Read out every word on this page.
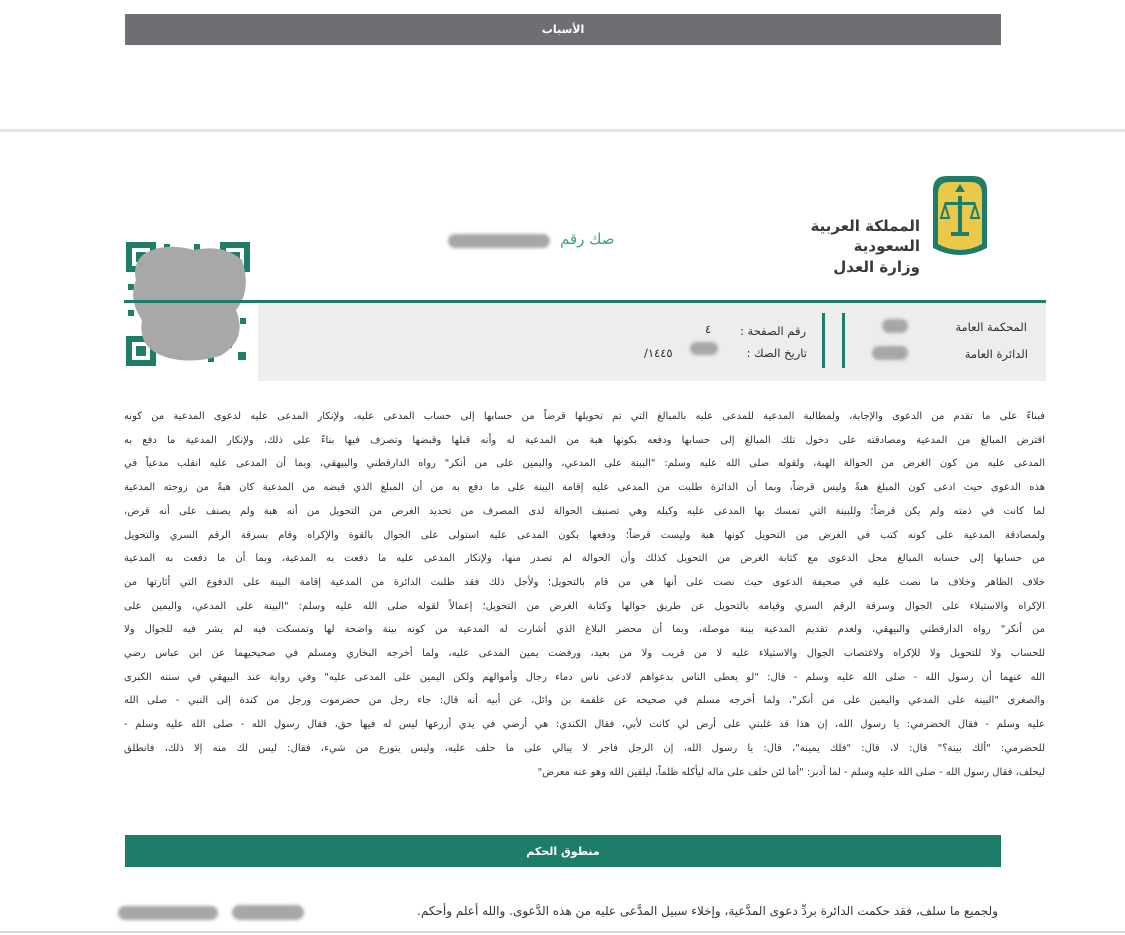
الأسباب
المملكة العربية السعودية
وزارة العدل
صك رقم
المحكمة العامة
الدائرة العامة
رقم الصفحة :
٤
تاريخ الصك :
١٤٤٥/
فبناءً على ما تقدم من الدعوى والإجابة، ولمطالبة المدعية للمدعى عليه بالمبالغ التي تم تحويلها قرضاً من حسابها إلى حساب المدعى عليه، ولإنكار المدعى عليه لدعوى المدعية من كونه
اقترض المبالغ من المدعية ومصادقته على دخول تلك المبالغ إلى حسابها ودفعه بكونها هبة من المدعية له وأنه قبلها وقبضها وتصرف فيها بناءً على ذلك، ولإنكار المدعية ما دفع به
المدعى عليه من كون الغرض من الحوالة الهبة، ولقوله صلى الله عليه وسلم: "البينة على المدعي، واليمين على من أنكر" رواه الدارقطني والبيهقي، وبما أن المدعى عليه انقلب مدعياً في
هذه الدعوى حيث ادعى كون المبلغ هبةً وليس قرضاً، وبما أن الدائرة طلبت من المدعى عليه إقامة البينة على ما دفع به من أن المبلغ الذي قبضه من المدعية كان هبةً من زوجته المدعية
لما كانت في ذمته ولم يكن قرضاً؛ وللبينة التي تمسك بها المدعى عليه وكيله وهي تصنيف الحوالة لدى المصرف من تحديد الغرض من التحويل من أنه هبة ولم يصنف على أنه قرض،
ولمصادقة المدعية على كونه كتب في الغرض من التحويل كونها هبة وليست قرضاً؛ ودفعها بكون المدعى عليه استولى على الجوال بالقوة والإكراه وقام بسرقة الرقم السري والتحويل
من حسابها إلى حسابه المبالغ محل الدعوى مع كتابة الغرض من التحويل كذلك وأن الحوالة لم تصدر منها، ولإنكار المدعى عليه ما دفعت به المدعية، وبما أن ما دفعت به المدعية
خلاف الظاهر وخلاف ما نصت عليه في صحيفة الدعوى حيث نصت على أنها هي من قام بالتحويل؛ ولأجل ذلك فقد طلبت الدائرة من المدعية إقامة البينة على الدفوع التي أثارتها من
الإكراه والاستيلاء على الجوال وسرقة الرقم السري وقيامه بالتحويل عن طريق جوالها وكتابة الغرض من التحويل؛ إعمالاً لقوله صلى الله عليه وسلم: "البينة على المدعي، واليمين على
من أنكر" رواه الدارقطني والبيهقي، ولعدم تقديم المدعية بينة موصلة، وبما أن محضر البلاغ الذي أشارت له المدعية من كونه بينة واضحة لها وتمسكت فيه لم يشر فيه للجوال ولا
للحساب ولا للتحويل ولا للإكراه ولاغتصاب الجوال والاستيلاء عليه لا من قريب ولا من بعيد، ورفضت يمين المدعى عليه، ولما أخرجه البخاري ومسلم في صحيحيهما عن ابن عباس رضي
الله عنهما أن رسول الله - صلى الله عليه وسلم - قال: "لو يعطى الناس بدعواهم لادعى ناس دماء رجال وأموالهم ولكن اليمين على المدعى عليه" وفي رواية عند البيهقي في سننه الكبرى
والصغرى "البينة على المدعي واليمين على من أنكر"، ولما أخرجه مسلم في صحيحه عن علقمة بن وائل، عن أبيه أنه قال: جاء رجل من حضرموت ورجل من كندة إلى النبي - صلى الله
عليه وسلم - فقال الحضرمي: يا رسول الله، إن هذا قد غلبني على أرض لي كانت لأبي، فقال الكندي: هي أرضي في يدي أزرعها ليس له فيها حق، فقال رسول الله - صلى الله عليه وسلم -
للحضرمي: "ألك بينة؟" قال: لا، قال: "فلك يمينه"، قال: يا رسول الله، إن الرجل فاجر لا يبالي على ما حلف عليه، وليس يتورع من شيء، فقال: ليس لك منه إلا ذلك، فانطلق
ليحلف، فقال رسول الله - صلى الله عليه وسلم - لما أدبر: "أما لئن حلف على ماله ليأكله ظلماً، ليلقين الله وهو عنه معرض"
منطوق الحكم
ولجميع ما سلف، فقد حكمت الدائرة بردِّ دعوى المدَّعية، وإخلاء سبيل المدَّعى عليه من هذه الدَّعوى. والله أعلم وأحكم.
